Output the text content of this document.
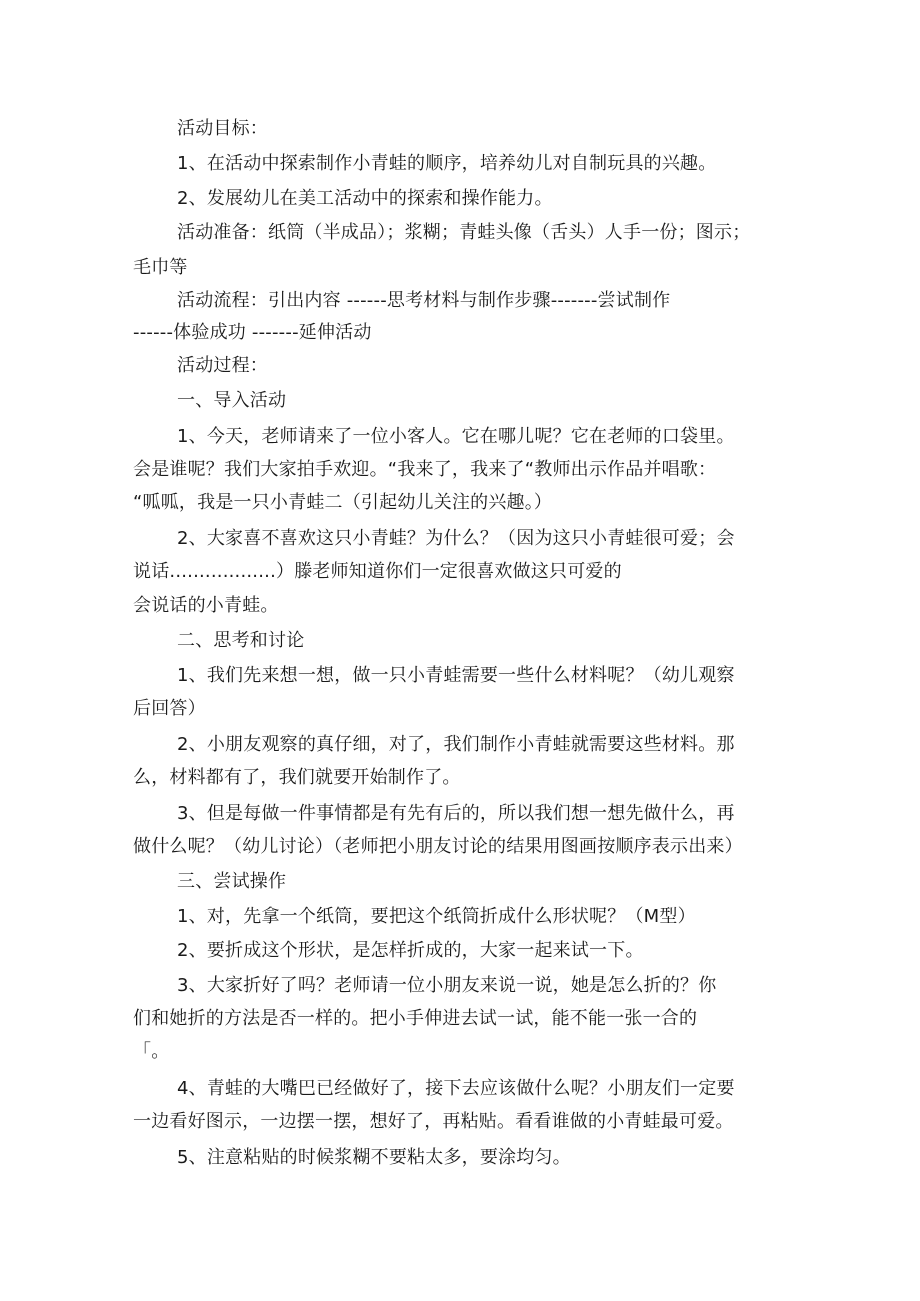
活动目标：
1、在活动中探索制作小青蛙的顺序，培养幼儿对自制玩具的兴趣。
2、发展幼儿在美工活动中的探索和操作能力。
活动准备：纸筒（半成品）；浆糊；青蛙头像（舌头）人手一份；图示；
毛巾等
活动流程：引出内容 ------思考材料与制作步骤-------尝试制作
------体验成功 -------延伸活动
活动过程：
一、导入活动
1、今天，老师请来了一位小客人。它在哪儿呢？它在老师的口袋里。
会是谁呢？我们大家拍手欢迎。“我来了，我来了“教师出示作品并唱歌：
“呱呱，我是一只小青蛙二（引起幼儿关注的兴趣。）
2、大家喜不喜欢这只小青蛙？为什么？（因为这只小青蛙很可爱；会
说话..................）滕老师知道你们一定很喜欢做这只可爱的
会说话的小青蛙。
二、思考和讨论
1、我们先来想一想，做一只小青蛙需要一些什么材料呢？（幼儿观察
后回答）
2、小朋友观察的真仔细，对了，我们制作小青蛙就需要这些材料。那
么，材料都有了，我们就要开始制作了。
3、但是每做一件事情都是有先有后的，所以我们想一想先做什么，再
做什么呢？（幼儿讨论）（老师把小朋友讨论的结果用图画按顺序表示出来）
三、尝试操作
1、对，先拿一个纸筒，要把这个纸筒折成什么形状呢？（M型）
2、要折成这个形状，是怎样折成的，大家一起来试一下。
3、大家折好了吗？老师请一位小朋友来说一说，她是怎么折的？你
们和她折的方法是否一样的。把小手伸进去试一试，能不能一张一合的
「。
4、青蛙的大嘴巴已经做好了，接下去应该做什么呢？小朋友们一定要
一边看好图示，一边摆一摆，想好了，再粘贴。看看谁做的小青蛙最可爱。
5、注意粘贴的时候浆糊不要粘太多，要涂均匀。
